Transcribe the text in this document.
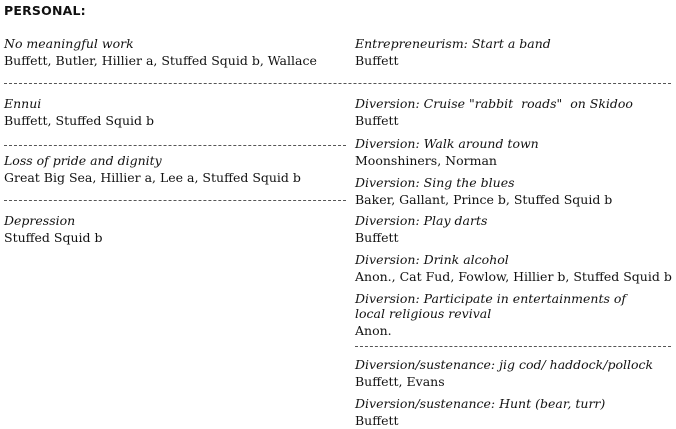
PERSONAL:
No meaningful work
Buffett, Butler, Hillier a, Stuffed Squid b, Wallace
Ennui
Buffett, Stuffed Squid b
Loss of pride and dignity
Great Big Sea, Hillier a, Lee a, Stuffed Squid b
Depression
Stuffed Squid b
Entrepreneurism: Start a band
Buffett
Diversion: Cruise "rabbit  roads"  on Skidoo
Buffett
Diversion: Walk around town
Moonshiners, Norman
Diversion: Sing the blues
Baker, Gallant, Prince b, Stuffed Squid b
Diversion: Play darts
Buffett
Diversion: Drink alcohol
Anon., Cat Fud, Fowlow, Hillier b, Stuffed Squid b
Diversion: Participate in entertainments of
local religious revival
Anon.
Diversion/sustenance: jig cod/ haddock/pollock
Buffett, Evans
Diversion/sustenance: Hunt (bear, turr)
Buffett
